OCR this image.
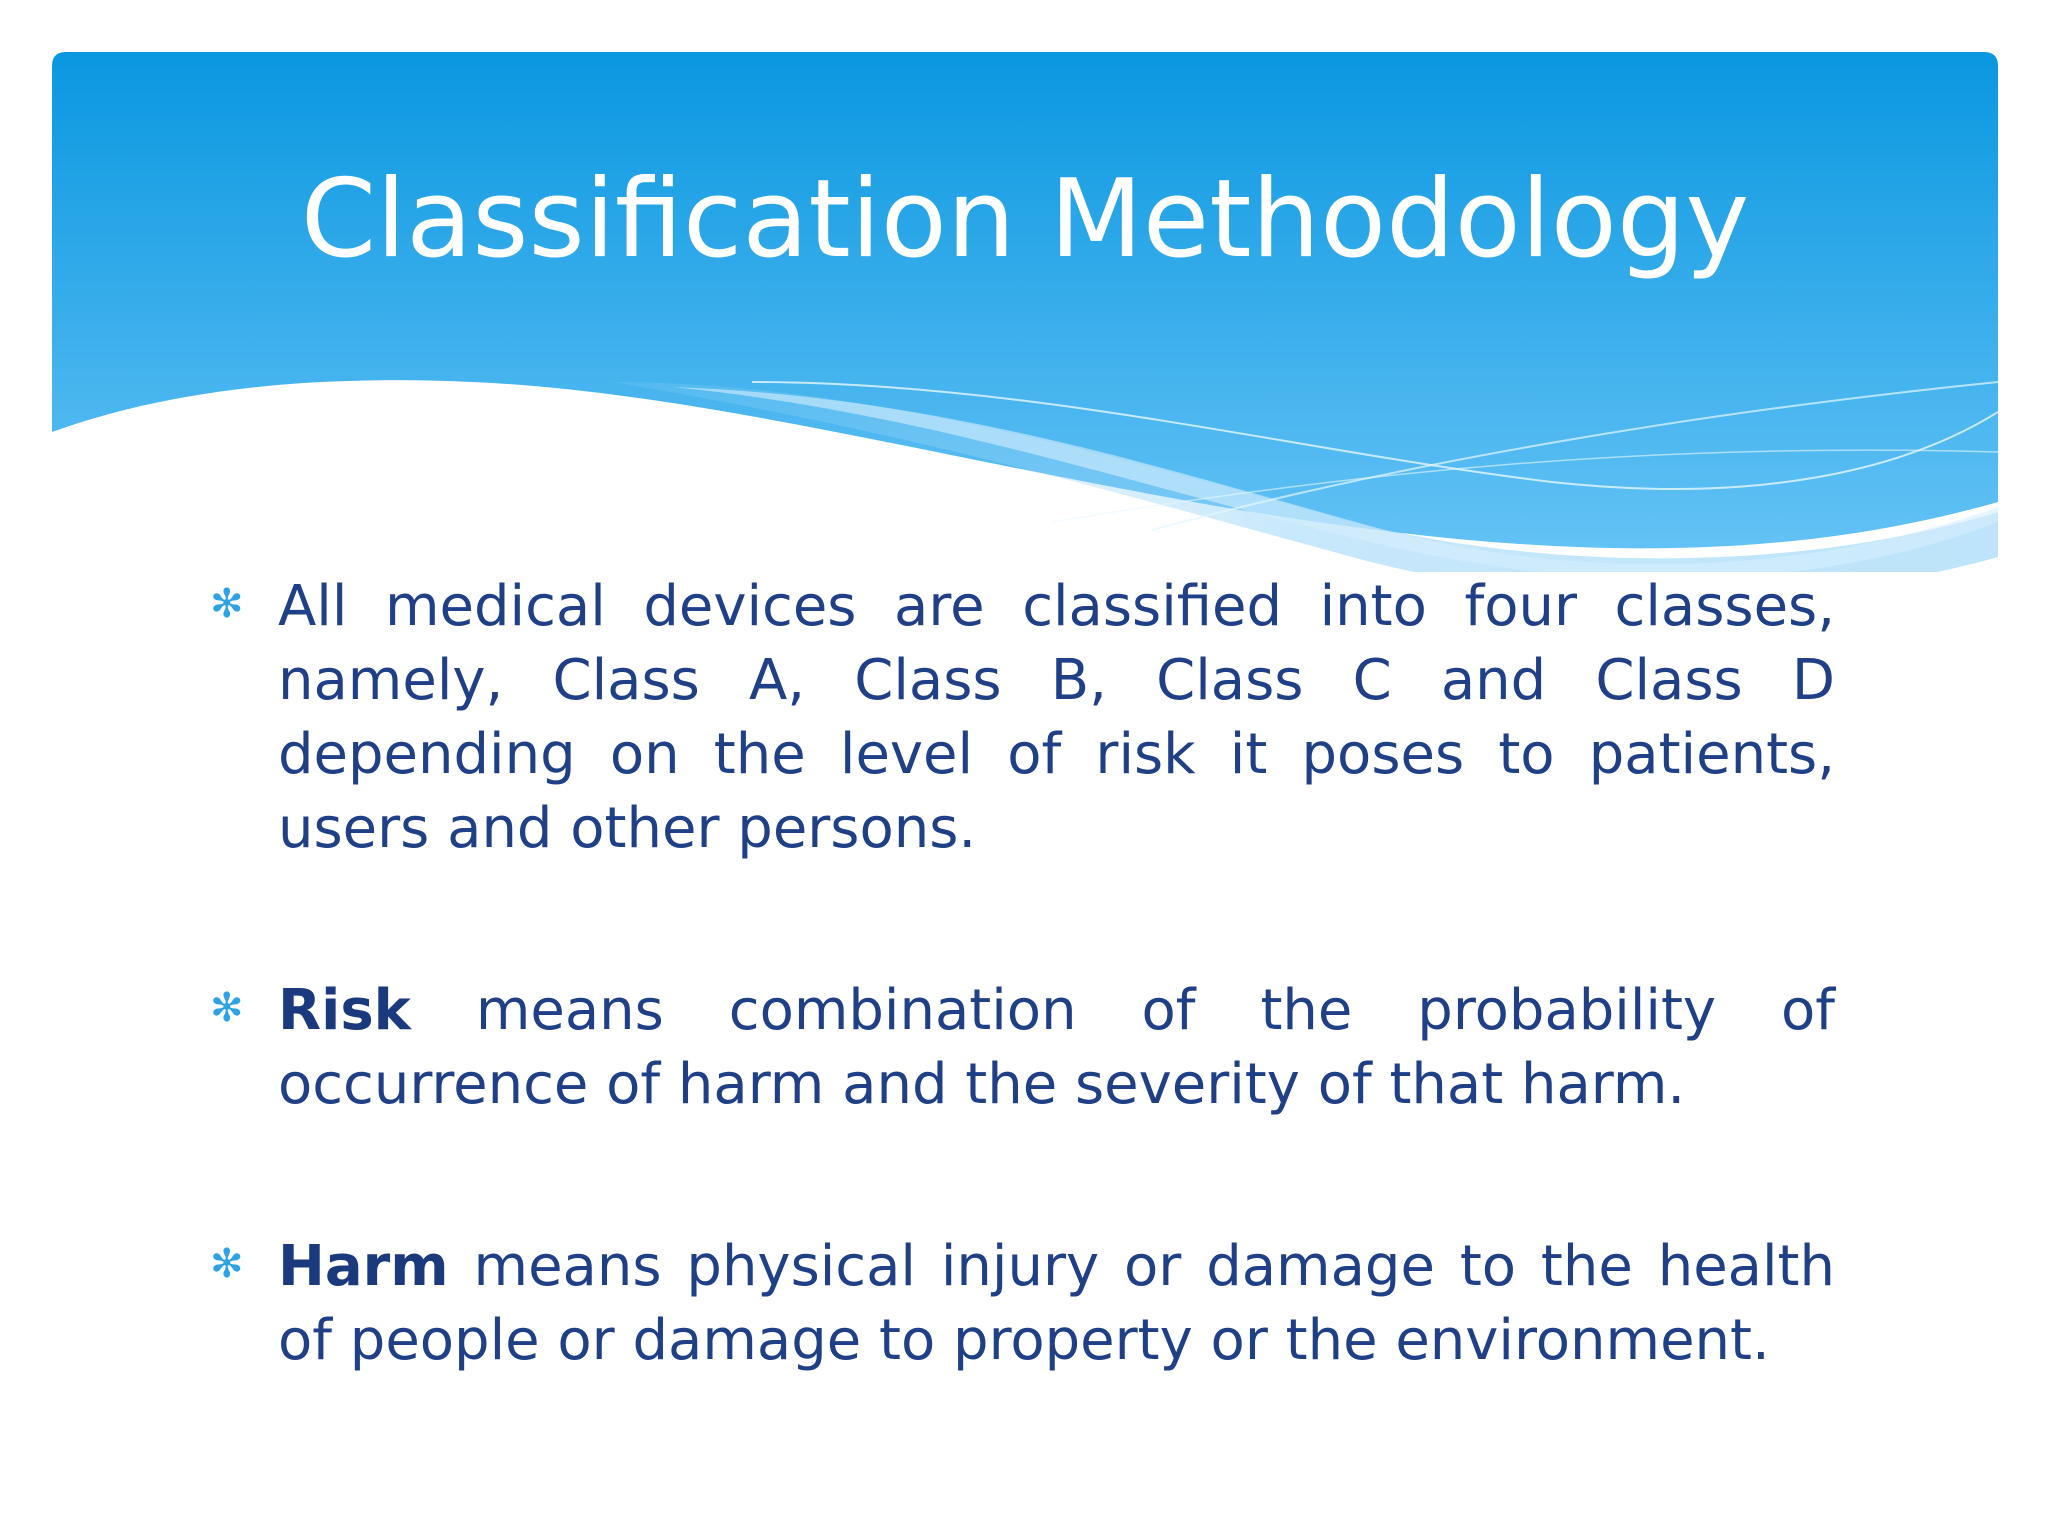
Classification Methodology
✻ All medical devices are classified into four classes, namely, Class A, Class B, Class C and Class D depending on the level of risk it poses to patients, users and other persons.
✻ Risk means combination of the probability of occurrence of harm and the severity of that harm.
✻ Harm means physical injury or damage to the health of people or damage to property or the environment.
